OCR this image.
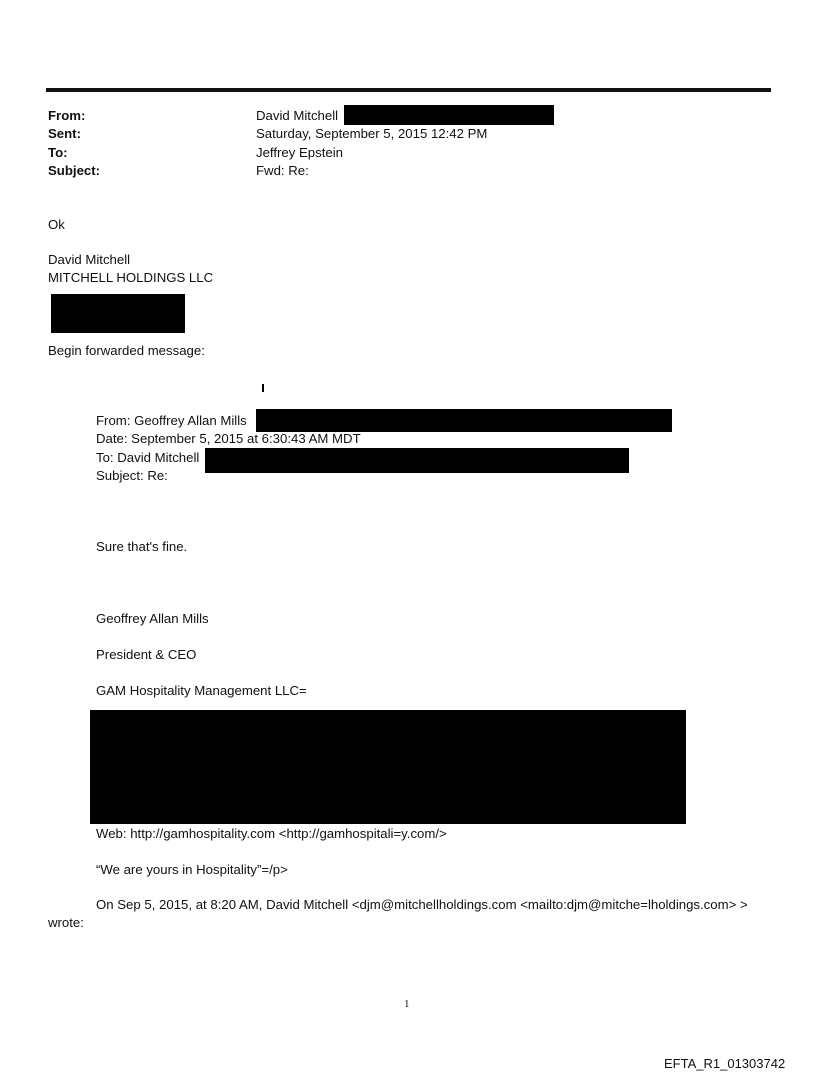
From:	David Mitchell
Sent:	Saturday, September 5, 2015 12:42 PM
To:	Jeffrey Epstein
Subject:	Fwd: Re:
Ok
David Mitchell
MITCHELL HOLDINGS LLC
Begin forwarded message:
From: Geoffrey Allan Mills
Date: September 5, 2015 at 6:30:43 AM MDT
To: David Mitchell
Subject: Re:
Sure that's fine.
Geoffrey Allan Mills
President & CEO
GAM Hospitality Management LLC=
Web: http://gamhospitality.com <http://gamhospitali=y.com/>
“We are yours in Hospitality”=/p>
On Sep 5, 2015, at 8:20 AM, David Mitchell <djm@mitchellholdings.com <mailto:djm@mitche=lholdings.com> >
wrote:
1
EFTA_R1_01303742
